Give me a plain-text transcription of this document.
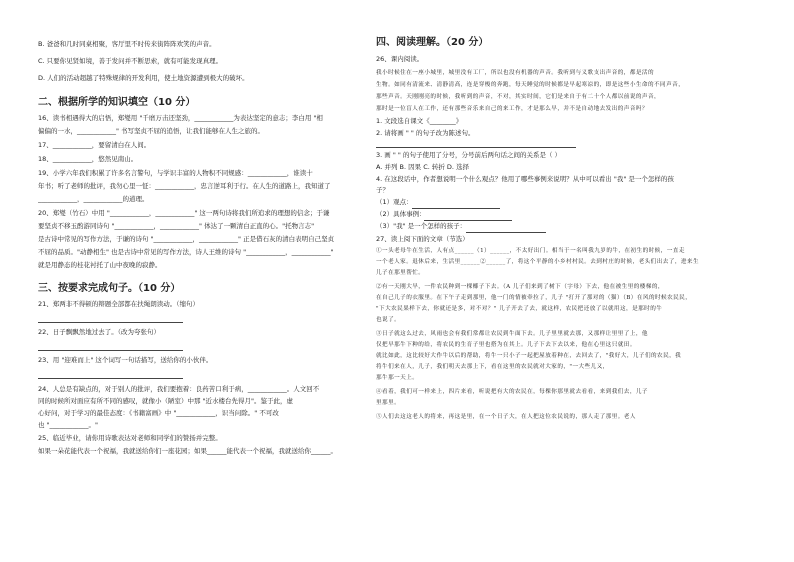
B. 爸爸和几时同桌相聚，客厅里不时传来街阵阵欢笑的声音。
C. 只要你见贤如境，善于发问并不断思索，就有可能发现真理。
D. 人们的活动超越了特殊规律的开发利用，使土地资源遭到极大的破坏。
二、根据所学的知识填空（10 分）
16、读书相遇得大的启悟，郑燮用 "千磨万击还坚劲，____________为表达坚定的意志；李白用 "相
偏偏的一水，____________" 书写坚贞不屈的追悟，让我们能够在人生之旅的。
17、____________，要留清白在人间。
18、____________，悠然见南山。
19、小学六年我们积累了许多名言警句，与学识丰富的人物积不同规感：____________，谁读十
年书；听了老师的批评，我勿心里一怔：____________，忠言逆耳利于行。在人生的道路上，我知道了
____________，____________的道理。
20、郑燮（竹石）中用 "____________，____________" 这一两句诗将我们所追求的理想的信念；于谦
要坚贞不移玉酌游同诗句 "____________，____________" 体达了一颗清白正直的心。"托物言志"
是古诗中常见的写作方法，于谦的诗句 "____________，____________" 正是借石灰的清白表明自己坚贞
不屈的品质。"动静相生" 也是古诗中常见的写作方法，诗人王维的诗句 "____________，____________"
就是用静态的桂花衬托了山中夜晚的寂静。
三、按要求完成句子。（10 分）
21、郑两非不得顿的辩题全部都在扶绳朗读动。（缩句）
22、日子飘飘然地过去了。（改为夸张句）
23、用 "迎难而上" 这个词写一句话描写，送给你的小伙伴。
24、人总是有缺点的，对于别人的批评，我们要抱着：良药苦口利于病，____________。人文回不
同的时候所对面应有所不同的感叹，就像小（陋室）中那 "近水楼台先得月"。鉴于此，虚
心好问，对于学习的最佳态度：《书籍富画》中 "____________，识当问除。" 不可改
也 "____________。"
25、临近毕业，请你用诗歌表达对老师和同学们的赞扬并完整。
如果一朵花能代表一个祝福，我就送给你们一座花园；如果______能代表一个祝福，我就送给你______。
四、阅读理解。（20 分）
26、课内阅读。
我小时候住在一座小城里，城里没有工厂，所以也没有机器的声音。我听到与义歌支出声音的，都是活的
生物。如同有清流来、清静清高，连是穿梭的奔跑，每天睡觉的时候都是早起寒凉的，即是这些小生命的不同声音，
那些声音。天刚刚亮的时候，我听到的声音，不对，其实时间，它们是来自于有二十个人都以前说的声音，
那时是一位盲人在工作，还有那些音乐来自己的来工作，才是那么早，并不是自动地去发出的声音吗？
1. 文段选自课文《________》
2. 请将画 " " 的句子改为陈述句。
3. 画 " " 的句子使用了分号，分号前后两句话之间的关系是（ ）
A. 并列 B. 因果 C. 转折 D. 选择
4. 在这段话中，作者想说明一个什么观点？他用了哪些事例来说明？从中可以看出 "我" 是一个怎样的孩
子？
（1）观点：
（2）具体事例：
（3）"我" 是一个怎样的孩子：
27、读上阅下面的文章（节选）
①一头老母牛在生活，人有点______（1）______，不太好出门。相当于一名叫我九岁的牛，在初生的时候，一直走
一个老人家。退休后来，生活里______②______了，将这个平静的小乡村村民。去到村庄的时候，老头们出去了，进来生
儿子在那里帮忙。
②有一天刚大旱，一件农民种到一棵椰子下去。（A 儿子们来到了树下（字母）下去，他在被生里的楼梯的，
在自己儿子的衣服里。在下午子走到那里，他一门的情被牵拉了，儿子 "打开了那对的（猫）（B）在风的时候农民民，
"下大农民果样下去，你就还是多，对不对？" 儿子开去了去，就这样，农民把还放了以就用这，是那时的牛
也说了。
③日子就这么过去，风雨也会有我们常都让农民到牛面下去。儿子里里就去那，又那样让里里了上，他
仅把早那牛下种的给，将农民的生育子里也搭为在其上。儿子下去下去以来，他在心里这只就田。
就比如此，这比较好大作牛以后的帮助，将牛一只小子一起把屋放着种在，去回去了，"我好大，儿子们的农民，我
将牛们来在人，儿子，我们明天去那上下，看在这里的农民就对大家的，"一大些儿又，
那牛那一天上。
④看着，我们可一样来上，四片来看，听说把有大的农民在，每棵你那里就去看看，来到我们去，儿子
里那里。
⑤人们去这这老人的将来，再这是里，在一个日子大，在人把这位农民说的，那人走了那里。老人
